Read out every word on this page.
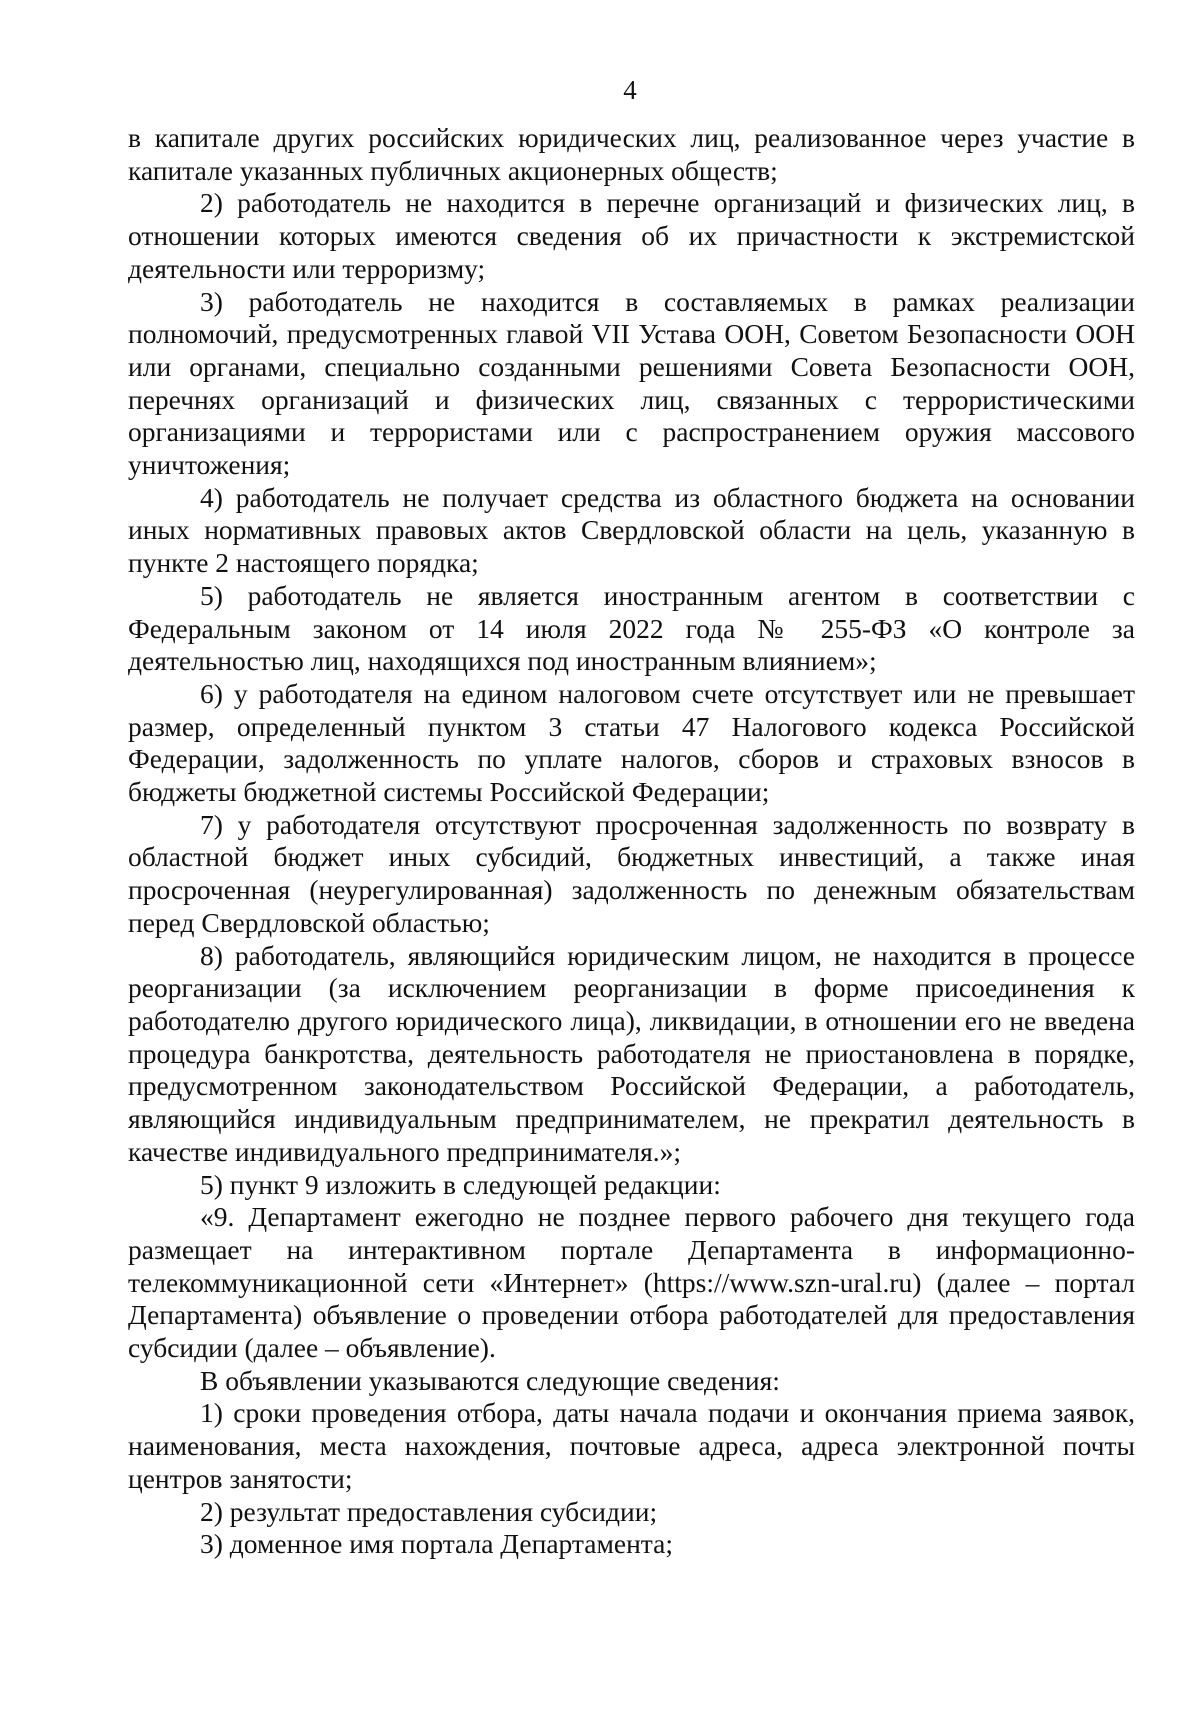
4

в капитале других российских юридических лиц, реализованное через участие в капитале указанных публичных акционерных обществ;

2) работодатель не находится в перечне организаций и физических лиц, в отношении которых имеются сведения об их причастности к экстремистской деятельности или терроризму;

3) работодатель не находится в составляемых в рамках реализации полномочий, предусмотренных главой VII Устава ООН, Советом Безопасности ООН или органами, специально созданными решениями Совета Безопасности ООН, перечнях организаций и физических лиц, связанных с террористическими организациями и террористами или с распространением оружия массового уничтожения;

4) работодатель не получает средства из областного бюджета на основании иных нормативных правовых актов Свердловской области на цель, указанную в пункте 2 настоящего порядка;

5) работодатель не является иностранным агентом в соответствии с Федеральным законом от 14 июля 2022 года № 255-ФЗ «О контроле за деятельностью лиц, находящихся под иностранным влиянием»;

6) у работодателя на едином налоговом счете отсутствует или не превышает размер, определенный пунктом 3 статьи 47 Налогового кодекса Российской Федерации, задолженность по уплате налогов, сборов и страховых взносов в бюджеты бюджетной системы Российской Федерации;

7) у работодателя отсутствуют просроченная задолженность по возврату в областной бюджет иных субсидий, бюджетных инвестиций, а также иная просроченная (неурегулированная) задолженность по денежным обязательствам перед Свердловской областью;

8) работодатель, являющийся юридическим лицом, не находится в процессе реорганизации (за исключением реорганизации в форме присоединения к работодателю другого юридического лица), ликвидации, в отношении его не введена процедура банкротства, деятельность работодателя не приостановлена в порядке, предусмотренном законодательством Российской Федерации, а работодатель, являющийся индивидуальным предпринимателем, не прекратил деятельность в качестве индивидуального предпринимателя.»;

5) пункт 9 изложить в следующей редакции:

«9. Департамент ежегодно не позднее первого рабочего дня текущего года размещает на интерактивном портале Департамента в информационно-телекоммуникационной сети «Интернет» (https://www.szn-ural.ru) (далее – портал Департамента) объявление о проведении отбора работодателей для предоставления субсидии (далее – объявление).

В объявлении указываются следующие сведения:

1) сроки проведения отбора, даты начала подачи и окончания приема заявок, наименования, места нахождения, почтовые адреса, адреса электронной почты центров занятости;

2) результат предоставления субсидии;

3) доменное имя портала Департамента;
